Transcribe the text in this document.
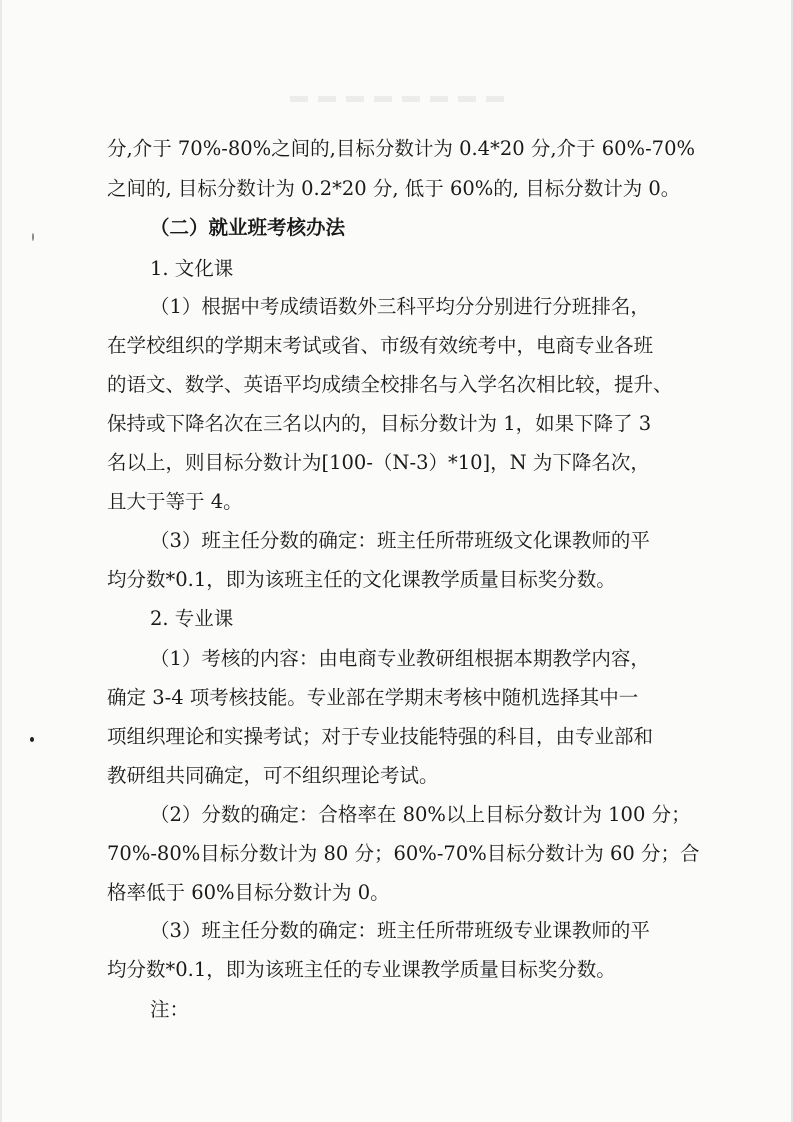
分,介于 70%-80%之间的,目标分数计为 0.4*20 分,介于 60%-70%
之间的, 目标分数计为 0.2*20 分, 低于 60%的, 目标分数计为 0。
（二）就业班考核办法
1. 文化课
（1）根据中考成绩语数外三科平均分分别进行分班排名，
在学校组织的学期末考试或省、市级有效统考中，电商专业各班
的语文、数学、英语平均成绩全校排名与入学名次相比较，提升、
保持或下降名次在三名以内的，目标分数计为 1，如果下降了 3
名以上，则目标分数计为[100-（N-3）*10]，N 为下降名次，
且大于等于 4。
（3）班主任分数的确定：班主任所带班级文化课教师的平
均分数*0.1，即为该班主任的文化课教学质量目标奖分数。
2. 专业课
（1）考核的内容：由电商专业教研组根据本期教学内容，
确定 3-4 项考核技能。专业部在学期末考核中随机选择其中一
项组织理论和实操考试；对于专业技能特强的科目，由专业部和
教研组共同确定，可不组织理论考试。
（2）分数的确定：合格率在 80%以上目标分数计为 100 分；
70%-80%目标分数计为 80 分；60%-70%目标分数计为 60 分；合
格率低于 60%目标分数计为 0。
（3）班主任分数的确定：班主任所带班级专业课教师的平
均分数*0.1，即为该班主任的专业课教学质量目标奖分数。
注：
